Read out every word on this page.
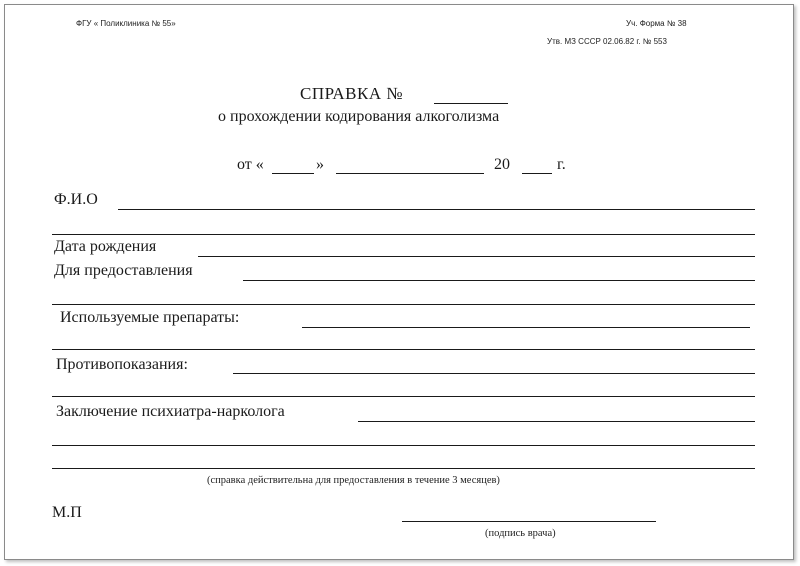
ФГУ « Поликлиника № 55»	Уч. Форма № 38
Утв. МЗ СССР 02.06.82 г. № 553
СПРАВКА №
о прохождении кодирования алкоголизма
от «	»	20	г.
Ф.И.О
Дата рождения
Для предоставления
Используемые препараты:
Противопоказания:
Заключение психиатра-нарколога
(справка действительна для предоставления в течение 3 месяцев)
М.П
(подпись врача)
